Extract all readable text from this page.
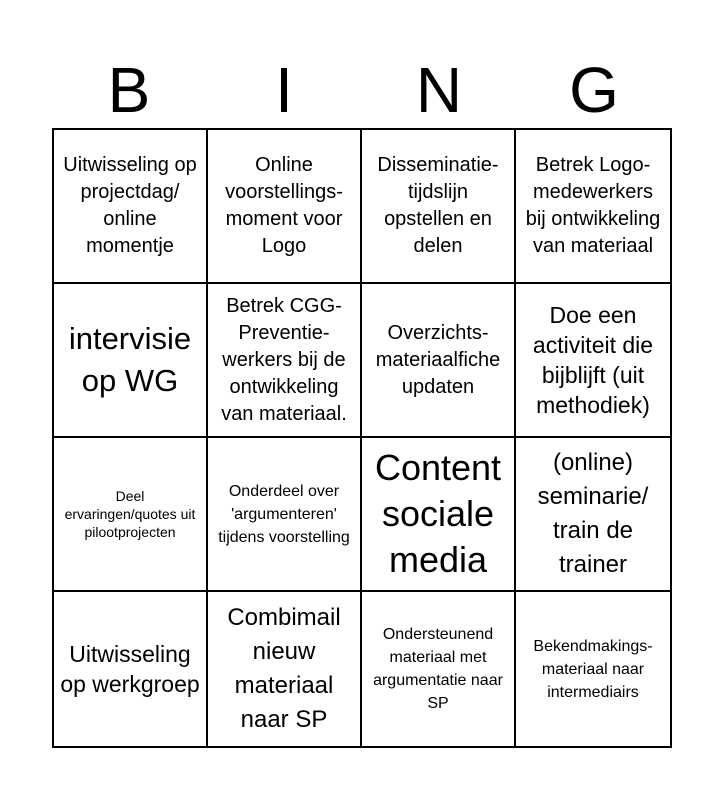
B	I	N G
Uitwisseling op projectdag/ online momentje
Online voorstellings-moment voor Logo
Disseminatie-tijdslijn opstellen en delen
Betrek Logo-medewerkers bij ontwikkeling van materiaal
intervisie op WG
Betrek CGG-Preventie-werkers bij de ontwikkeling van materiaal.
Overzichts-materiaalfiche updaten
Doe een activiteit die bijblijft (uit methodiek)
Deel ervaringen/quotes uit pilootprojecten
Onderdeel over 'argumenteren' tijdens voorstelling
Content sociale media
(online) seminarie/ train de trainer
Uitwisseling op werkgroep
Combimail nieuw materiaal naar SP
Ondersteunend materiaal met argumentatie naar SP
Bekendmakings-materiaal naar intermediairs
